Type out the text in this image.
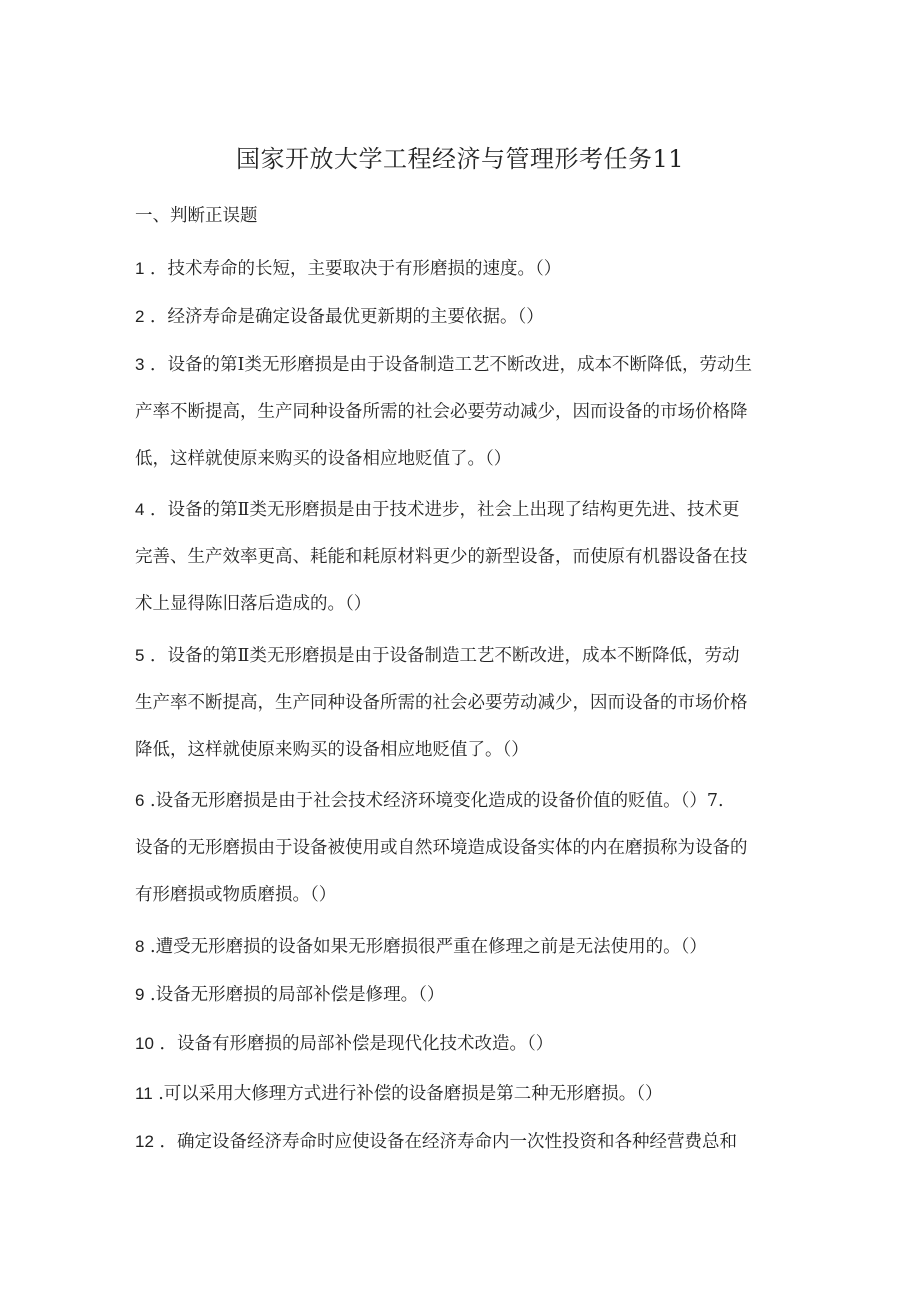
国家开放大学工程经济与管理形考任务11
一、判断正误题
1 ．技术寿命的长短，主要取决于有形磨损的速度。（）
2 ．经济寿命是确定设备最优更新期的主要依据。（）
3 ．设备的第Ⅰ类无形磨损是由于设备制造工艺不断改进，成本不断降低，劳动生
产率不断提高，生产同种设备所需的社会必要劳动减少，因而设备的市场价格降
低，这样就使原来购买的设备相应地贬值了。（）
4 ．设备的第Ⅱ类无形磨损是由于技术进步，社会上出现了结构更先进、技术更
完善、生产效率更高、耗能和耗原材料更少的新型设备，而使原有机器设备在技
术上显得陈旧落后造成的。（）
5 ．设备的第Ⅱ类无形磨损是由于设备制造工艺不断改进，成本不断降低，劳动
生产率不断提高，生产同种设备所需的社会必要劳动减少，因而设备的市场价格
降低，这样就使原来购买的设备相应地贬值了。（）
6 .设备无形磨损是由于社会技术经济环境变化造成的设备价值的贬值。（）7.
设备的无形磨损由于设备被使用或自然环境造成设备实体的内在磨损称为设备的
有形磨损或物质磨损。（）
8 .遭受无形磨损的设备如果无形磨损很严重在修理之前是无法使用的。（）
9 .设备无形磨损的局部补偿是修理。（）
10 ．设备有形磨损的局部补偿是现代化技术改造。（）
11 .可以采用大修理方式进行补偿的设备磨损是第二种无形磨损。（）
12 ．确定设备经济寿命时应使设备在经济寿命内一次性投资和各种经营费总和
